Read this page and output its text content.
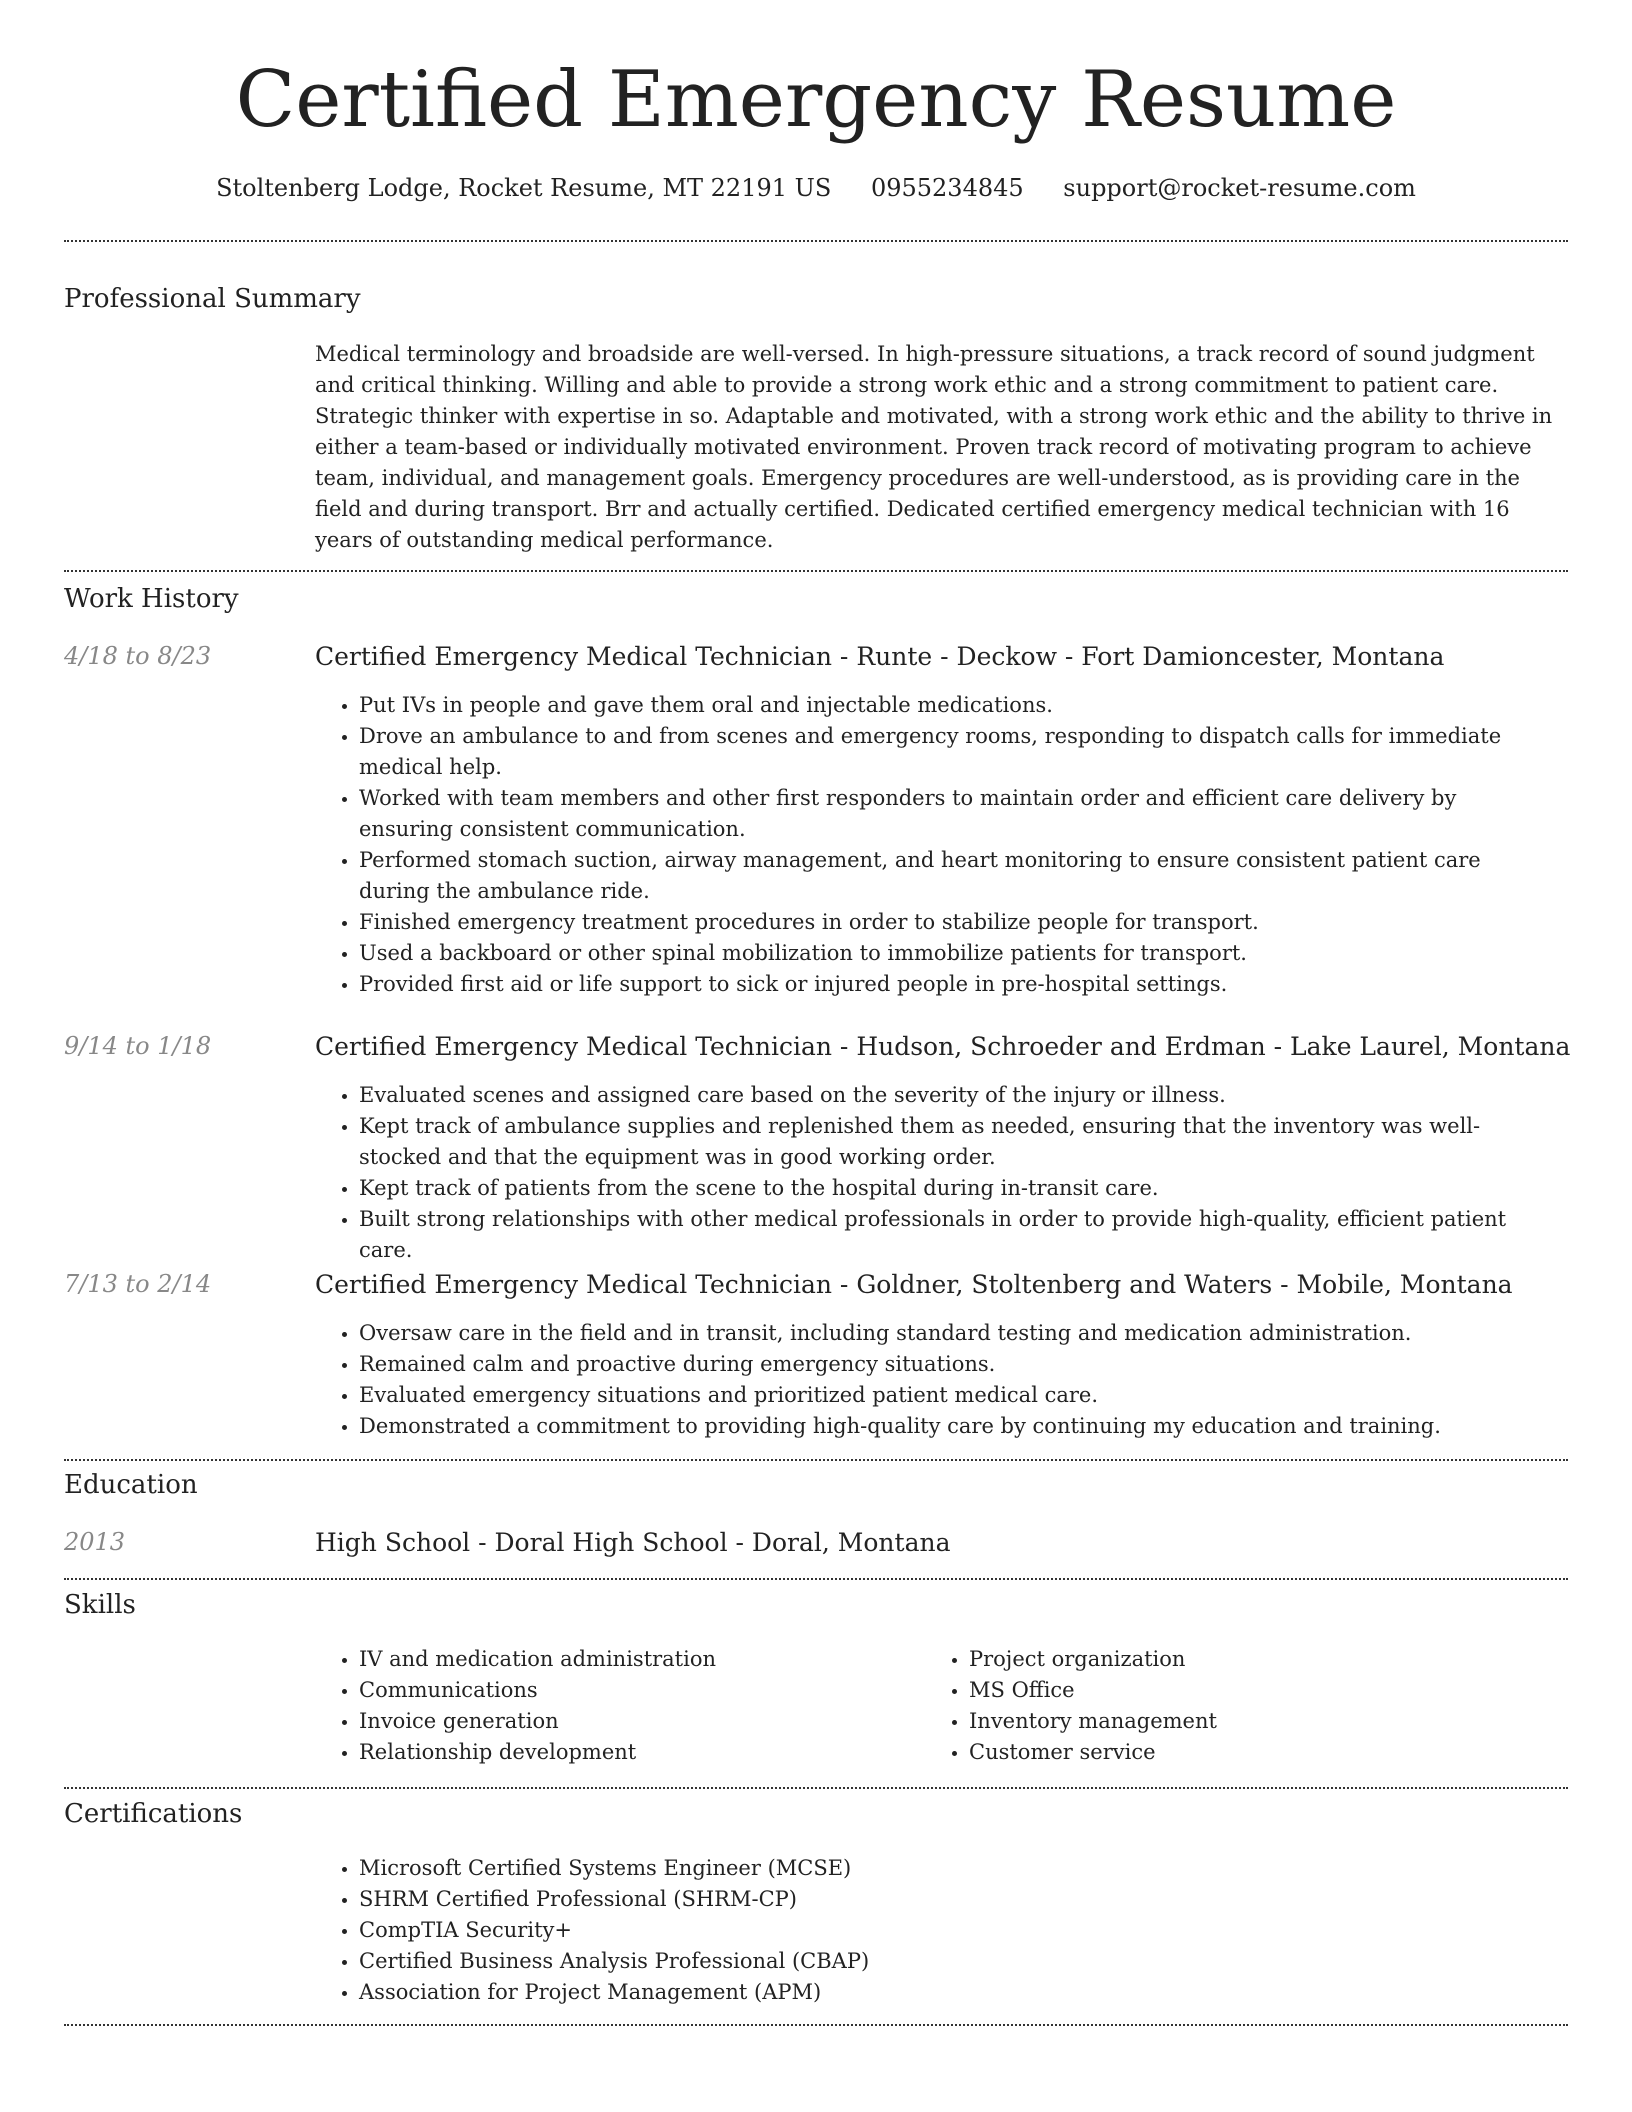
Certified Emergency Resume
Stoltenberg Lodge, Rocket Resume, MT 22191 US 0955234845 support@rocket-resume.com
Professional Summary
Medical terminology and broadside are well-versed. In high-pressure situations, a track record of sound judgment and critical thinking. Willing and able to provide a strong work ethic and a strong commitment to patient care. Strategic thinker with expertise in so. Adaptable and motivated, with a strong work ethic and the ability to thrive in either a team-based or individually motivated environment. Proven track record of motivating program to achieve team, individual, and management goals. Emergency procedures are well-understood, as is providing care in the field and during transport. Brr and actually certified. Dedicated certified emergency medical technician with 16 years of outstanding medical performance.
Work History
4/18 to 8/23	Certified Emergency Medical Technician - Runte - Deckow - Fort Damioncester, Montana
• Put IVs in people and gave them oral and injectable medications.
• Drove an ambulance to and from scenes and emergency rooms, responding to dispatch calls for immediate medical help.
• Worked with team members and other first responders to maintain order and efficient care delivery by ensuring consistent communication.
• Performed stomach suction, airway management, and heart monitoring to ensure consistent patient care during the ambulance ride.
• Finished emergency treatment procedures in order to stabilize people for transport.
• Used a backboard or other spinal mobilization to immobilize patients for transport.
• Provided first aid or life support to sick or injured people in pre-hospital settings.
9/14 to 1/18	Certified Emergency Medical Technician - Hudson, Schroeder and Erdman - Lake Laurel, Montana
• Evaluated scenes and assigned care based on the severity of the injury or illness.
• Kept track of ambulance supplies and replenished them as needed, ensuring that the inventory was well-stocked and that the equipment was in good working order.
• Kept track of patients from the scene to the hospital during in-transit care.
• Built strong relationships with other medical professionals in order to provide high-quality, efficient patient care.
7/13 to 2/14	Certified Emergency Medical Technician - Goldner, Stoltenberg and Waters - Mobile, Montana
• Oversaw care in the field and in transit, including standard testing and medication administration.
• Remained calm and proactive during emergency situations.
• Evaluated emergency situations and prioritized patient medical care.
• Demonstrated a commitment to providing high-quality care by continuing my education and training.
Education
2013	High School - Doral High School - Doral, Montana
Skills
• IV and medication administration
• Communications
• Invoice generation
• Relationship development
• Project organization
• MS Office
• Inventory management
• Customer service
Certifications
• Microsoft Certified Systems Engineer (MCSE)
• SHRM Certified Professional (SHRM-CP)
• CompTIA Security+
• Certified Business Analysis Professional (CBAP)
• Association for Project Management (APM)
